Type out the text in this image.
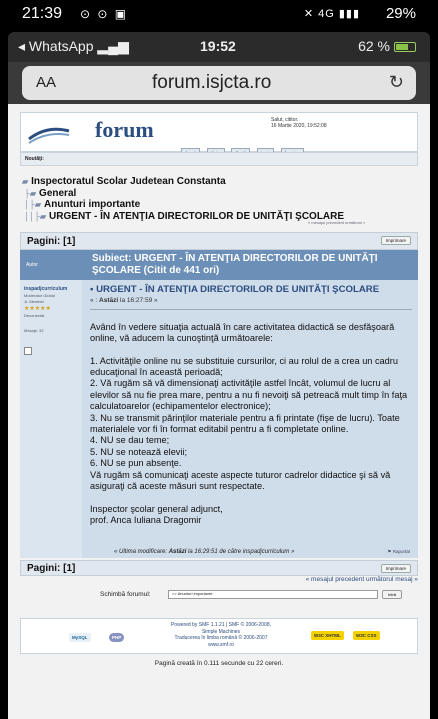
21:39 ⊙ ⊙ ▣	✕ 4G ▮▮▮ 29%
◂ WhatsApp ▂▄▆	19:52	62 %
AA	forum.isjcta.ro	↻
forum	Salut, cititor.
16 Martie 2020, 19:52:08

Noutăţi:
▰ Inspectoratul Scolar Judetean Constanta
├▰ General
│├▰ Anunturi importante
││├▰ URGENT - ÎN ATENŢIA DIRECTORILOR DE UNITĂŢI ŞCOLARE
« mesajul precedent următorul »
Pagini: [1]	Imprimare
Autor
Subiect: URGENT - ÎN ATENŢIA DIRECTORILOR DE UNITĂŢI ŞCOLARE (Citit de 441 ori)
inspadjcurriculum
Moderator Global
Jr. Member
★★★★★
Deconectat
Mesaje: 32
▪ URGENT - ÎN ATENŢIA DIRECTORILOR DE UNITĂŢI ŞCOLARE
« : Astăzi la 16:27:59 »

Având în vedere situaţia actuală în care activitatea didactică se desfăşoară online, vă aducem la cunoştinţă următoarele:

1. Activităţile online nu se substituie cursurilor, ci au rolul de a crea un cadru educaţional în această perioadă;

2. Vă rugăm să vă dimensionaţi activităţile astfel încât, volumul de lucru al elevilor să nu fie prea mare, pentru a nu fi nevoiţi să petreacă mult timp în faţa calculatoarelor (echipamentelor electronice);

3. Nu se transmit părinţilor materiale pentru a fi printate (fişe de lucru). Toate materialele vor fi în format editabil pentru a fi completate online.

4. NU se dau teme;

5. NU se notează elevii;

6. NU se pun absenţe.

Vă rugăm să comunicaţi aceste aspecte tuturor cadrelor didactice şi să vă asiguraţi că aceste măsuri sunt respectate.

Inspector şcolar general adjunct,

prof. Anca Iuliana Dragomir

« Ultima modificare: Astăzi la 16:29:51 de către inspadjcurriculum »	⚑ Raportat
Pagini: [1]	Imprimare
« mesajul precedent următorul mesaj »
Schimbă forumul:	=> Anunturi importante	Intră
MySQL	PHP
Powered by SMF 1.1.21 | SMF © 2006-2008,
Simple Machines
Traducerea în limba română © 2006-2007
www.smf.ro
W3C XHTML	W3C CSS
Pagină creată în 0.111 secunde cu 22 cereri.
